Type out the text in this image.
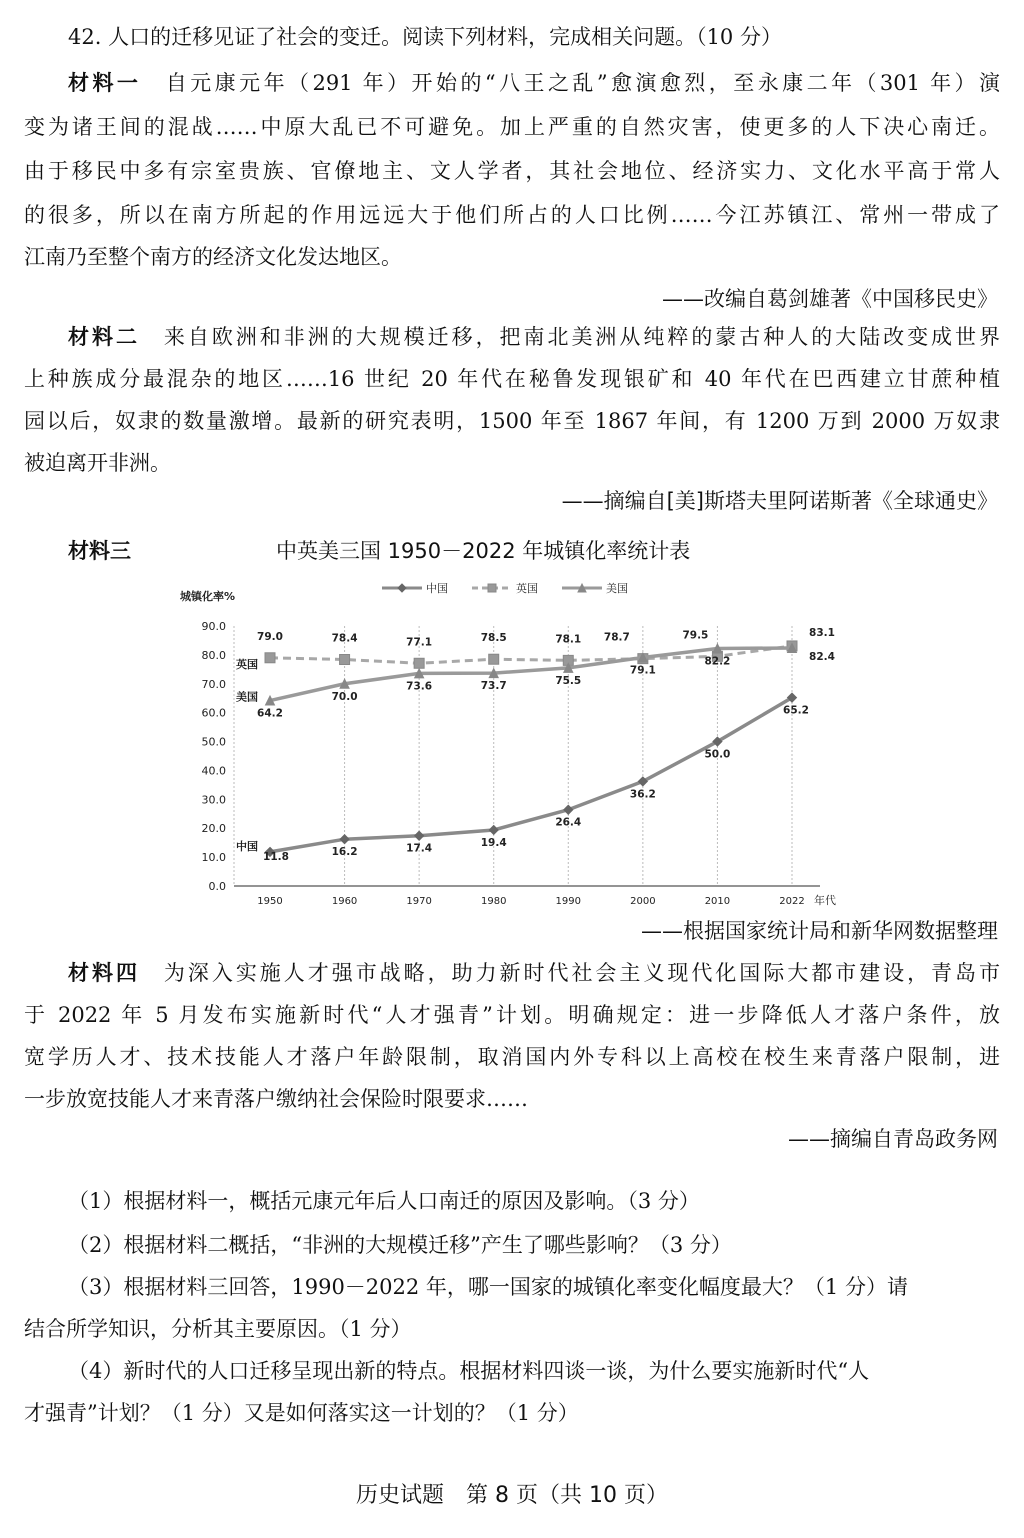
42. 人口的迁移见证了社会的变迁。阅读下列材料，完成相关问题。（10 分）
材料一　 自元康元年（291 年）开始的“八王之乱”愈演愈烈，至永康二年（301 年）演
变为诸王间的混战……中原大乱已不可避免。加上严重的自然灾害，使更多的人下决心南迁。
由于移民中多有宗室贵族、官僚地主、文人学者，其社会地位、经济实力、文化水平高于常人
的很多，所以在南方所起的作用远远大于他们所占的人口比例……今江苏镇江、常州一带成了
江南乃至整个南方的经济文化发达地区。
——改编自葛剑雄著《中国移民史》
材料二　 来自欧洲和非洲的大规模迁移，把南北美洲从纯粹的蒙古种人的大陆改变成世界
上种族成分最混杂的地区……16 世纪 20 年代在秘鲁发现银矿和 40 年代在巴西建立甘蔗种植
园以后，奴隶的数量激增。最新的研究表明，1500 年至 1867 年间，有 1200 万到 2000 万奴隶
被迫离开非洲。
——摘编自[美]斯塔夫里阿诺斯著《全球通史》
材料三	中英美三国 1950－2022 年城镇化率统计表
城镇化率%
中国	英国	美国
0.0
10.0
20.0
30.0
40.0
50.0
60.0
70.0
80.0
90.0
1950	1960	1970	1980	1990	2000	2010	2022 年代
11.8	16.2	17.4	19.4
26.4
36.2
50.0
65.2
中国
79.0	78.4	77.1	78.5	78.1 78.7	79.5	83.1
英国
64.2
70.0
73.6	73.7	75.5
79.1
82.2	82.4
美国
——根据国家统计局和新华网数据整理
材料四　 为深入实施人才强市战略，助力新时代社会主义现代化国际大都市建设，青岛市
于 2022 年 5 月发布实施新时代“人才强青”计划。明确规定：进一步降低人才落户条件，放
宽学历人才、技术技能人才落户年龄限制，取消国内外专科以上高校在校生来青落户限制，进
一步放宽技能人才来青落户缴纳社会保险时限要求……
——摘编自青岛政务网
（1）根据材料一，概括元康元年后人口南迁的原因及影响。（3 分）
（2）根据材料二概括，“非洲的大规模迁移”产生了哪些影响？（3 分）
（3）根据材料三回答，1990－2022 年，哪一国家的城镇化率变化幅度最大？（1 分）请
结合所学知识，分析其主要原因。（1 分）
（4）新时代的人口迁移呈现出新的特点。根据材料四谈一谈，为什么要实施新时代“人
才强青”计划？（1 分）又是如何落实这一计划的？（1 分）
历史试题　第 8 页（共 10 页）
